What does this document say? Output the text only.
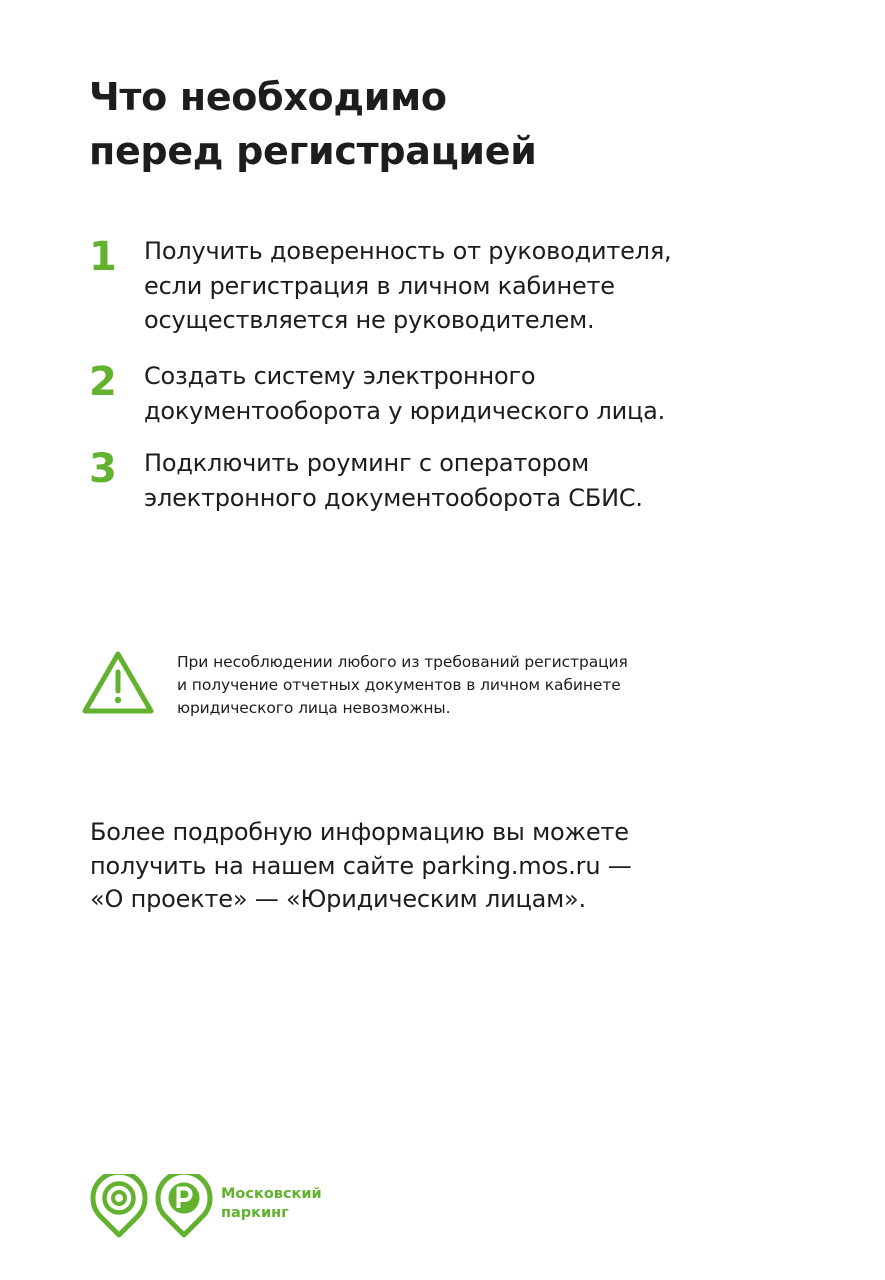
Что необходимо
перед регистрацией
1 Получить доверенность от руководителя,
если регистрация в личном кабинете
осуществляется не руководителем.
2 Создать систему электронного
документооборота у юридического лица.
3 Подключить роуминг с оператором
электронного документооборота СБИС.
При несоблюдении любого из требований регистрация
и получение отчетных документов в личном кабинете
юридического лица невозможны.
Более подробную информацию вы можете
получить на нашем сайте parking.mos.ru —
«О проекте» — «Юридическим лицам».
Московский
паркинг
